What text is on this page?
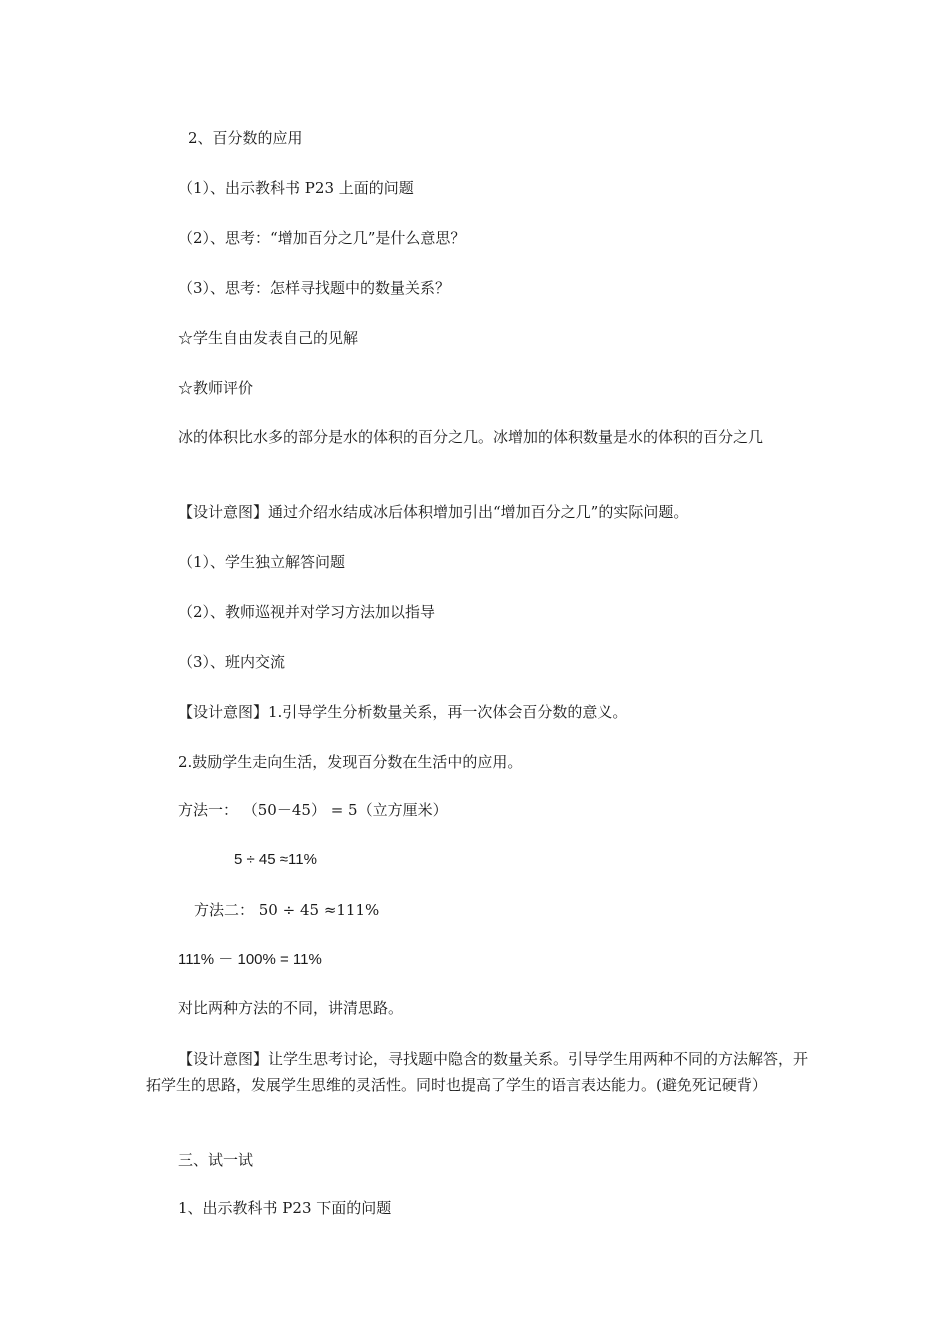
2、百分数的应用
（1）、出示教科书 P23 上面的问题
（2）、思考：“增加百分之几”是什么意思？
（3）、思考：怎样寻找题中的数量关系？
☆学生自由发表自己的见解
☆教师评价
冰的体积比水多的部分是水的体积的百分之几。冰增加的体积数量是水的体积的百分之几
【设计意图】通过介绍水结成冰后体积增加引出“增加百分之几”的实际问题。
（1）、学生独立解答问题
（2）、教师巡视并对学习方法加以指导
（3）、班内交流
【设计意图】1.引导学生分析数量关系，再一次体会百分数的意义。
2.鼓励学生走向生活，发现百分数在生活中的应用。
方法一： （50－45） = 5（立方厘米）
5 ÷ 45 ≈11%
方法二： 50 ÷ 45 ≈111%
111% － 100% = 11%
对比两种方法的不同，讲清思路。
【设计意图】让学生思考讨论，寻找题中隐含的数量关系。引导学生用两种不同的方法解答，开拓学生的思路，发展学生思维的灵活性。同时也提高了学生的语言表达能力。(避免死记硬背）
三、试一试
1、出示教科书 P23 下面的问题
